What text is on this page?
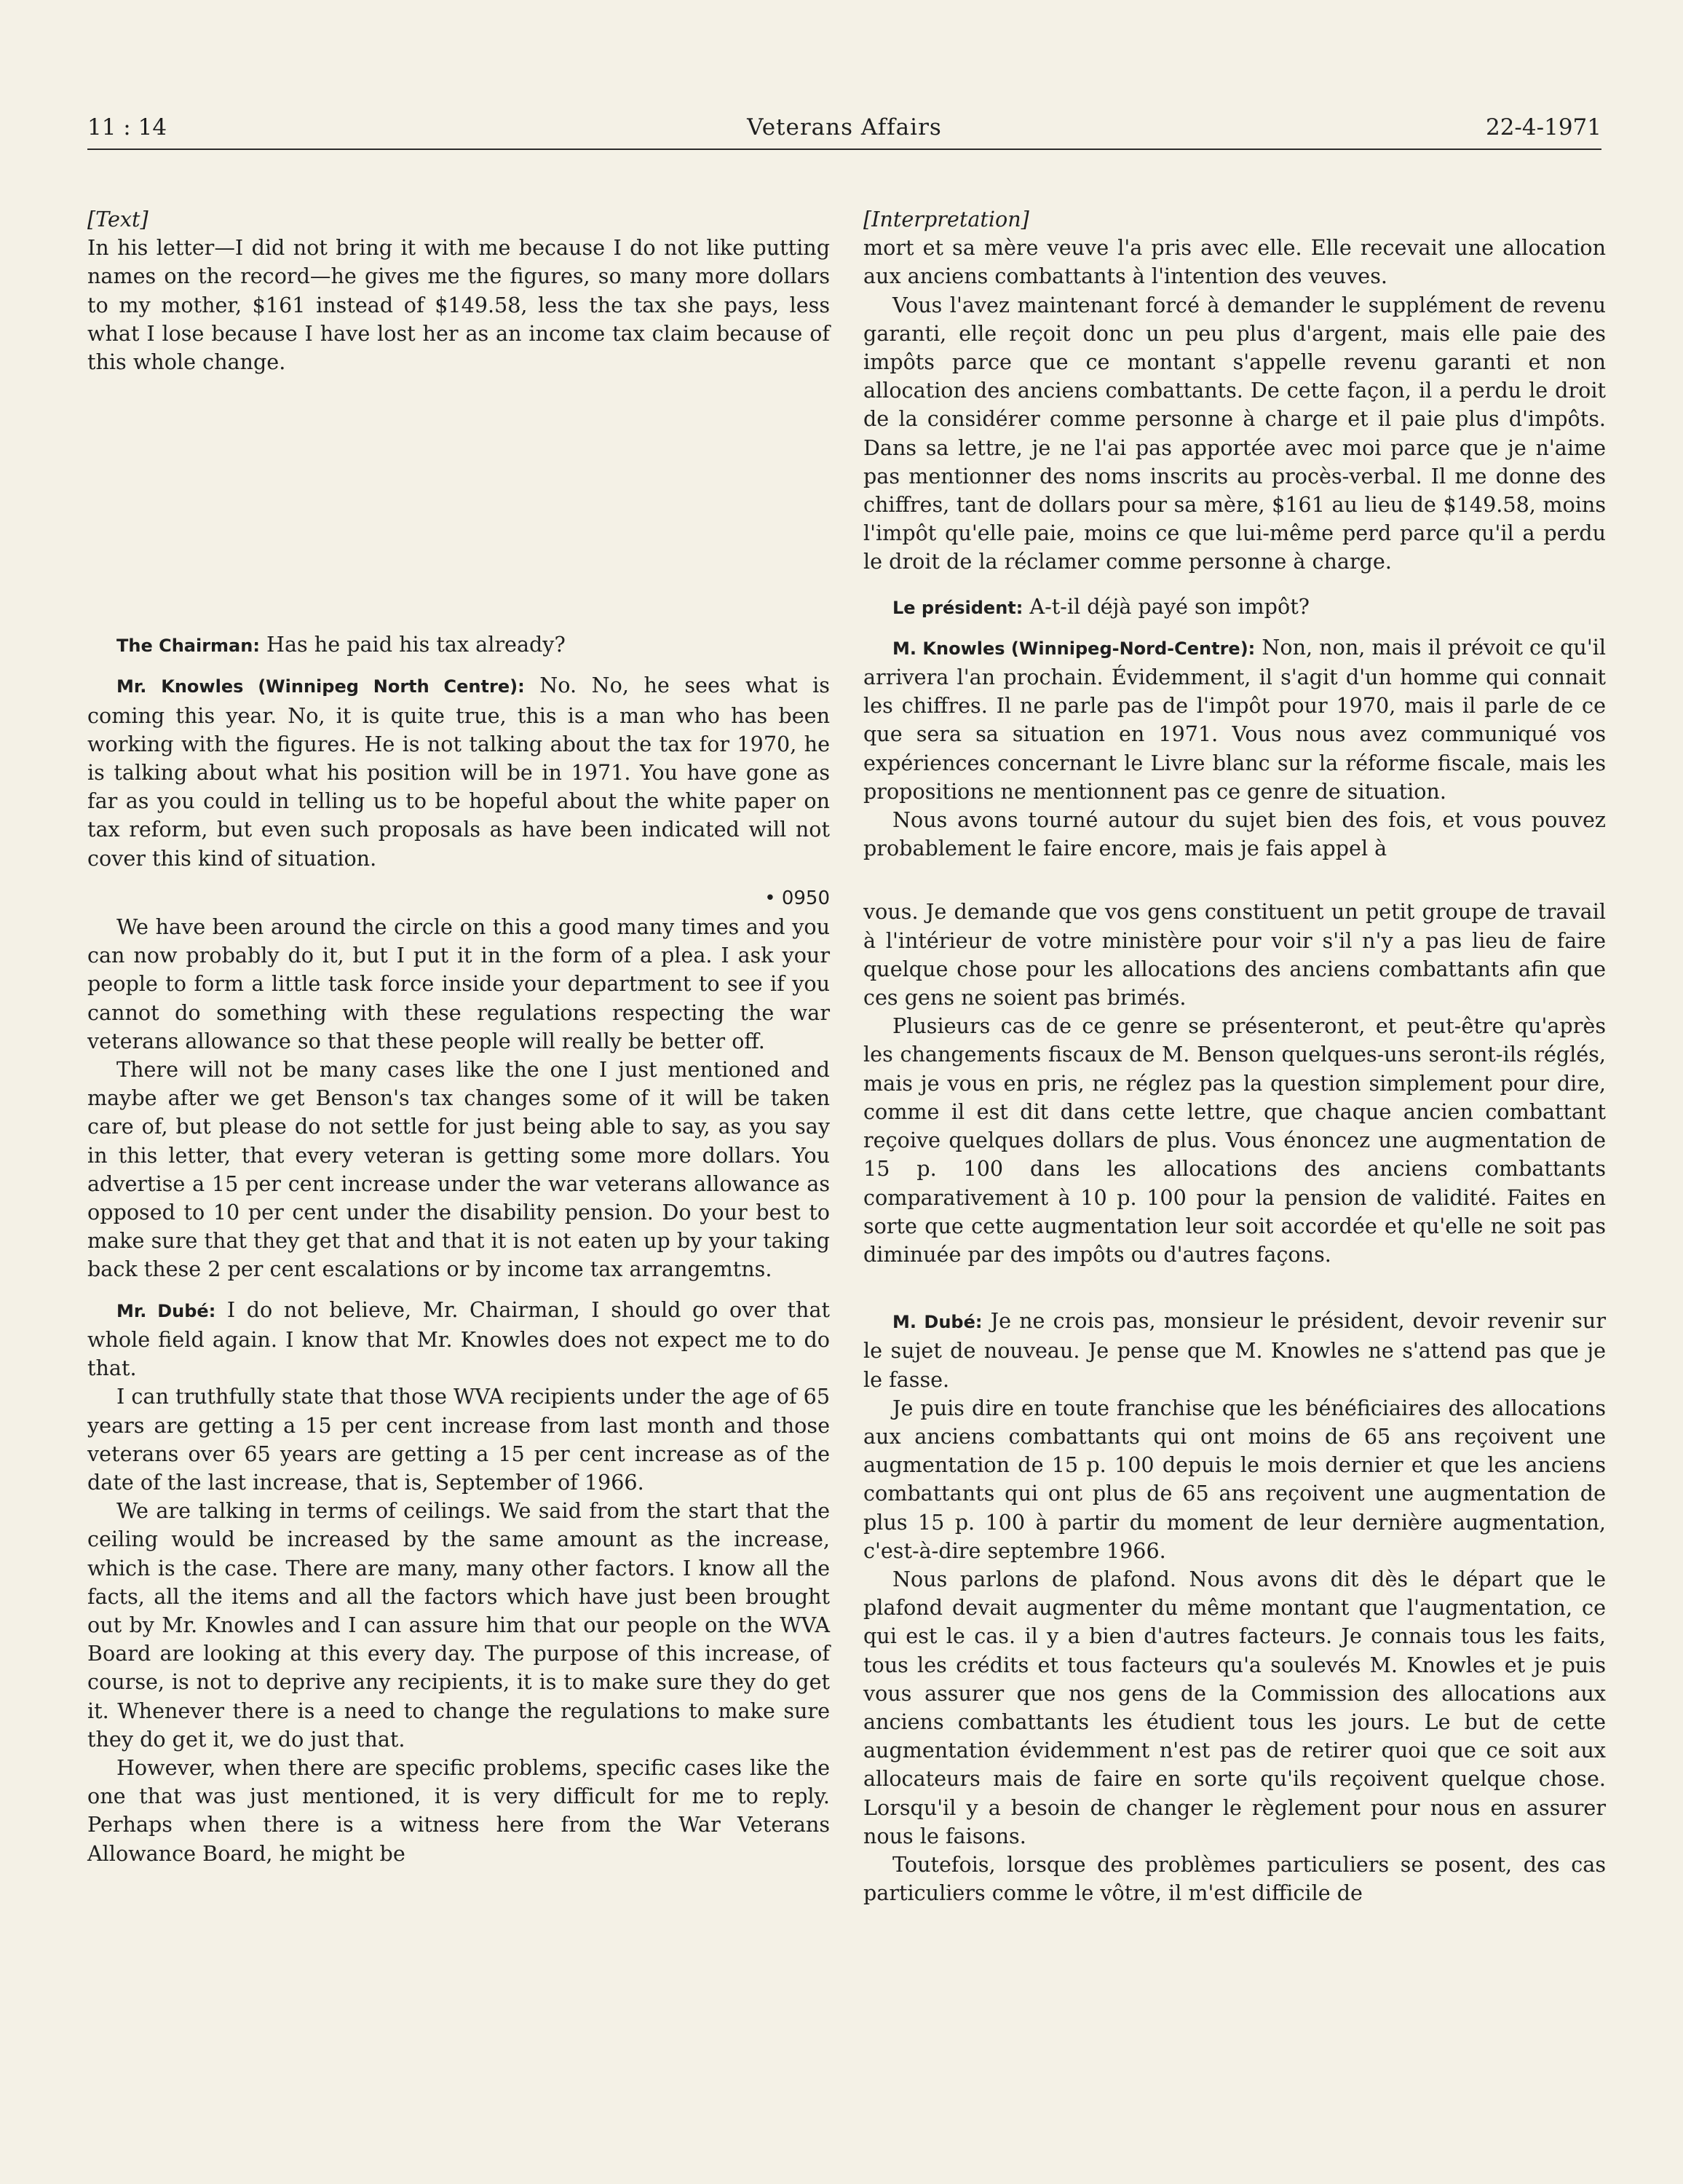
11 : 14	Veterans Affairs	22-4-1971

[Text]

In his letter—I did not bring it with me because I do not like putting names on the record—he gives me the figures, so many more dollars to my mother, $161 instead of $149.58, less the tax she pays, less what I lose because I have lost her as an income tax claim because of this whole change.

The Chairman: Has he paid his tax already?

Mr. Knowles (Winnipeg North Centre): No. No, he sees what is coming this year. No, it is quite true, this is a man who has been working with the figures. He is not talking about the tax for 1970, he is talking about what his position will be in 1971. You have gone as far as you could in telling us to be hopeful about the white paper on tax reform, but even such proposals as have been indicated will not cover this kind of situation.

• 0950

We have been around the circle on this a good many times and you can now probably do it, but I put it in the form of a plea. I ask your people to form a little task force inside your department to see if you cannot do something with these regulations respecting the war veterans allowance so that these people will really be better off.

There will not be many cases like the one I just mentioned and maybe after we get Benson's tax changes some of it will be taken care of, but please do not settle for just being able to say, as you say in this letter, that every veteran is getting some more dollars. You advertise a 15 per cent increase under the war veterans allowance as opposed to 10 per cent under the disability pension. Do your best to make sure that they get that and that it is not eaten up by your taking back these 2 per cent escalations or by income tax arrangemtns.

Mr. Dubé: I do not believe, Mr. Chairman, I should go over that whole field again. I know that Mr. Knowles does not expect me to do that.

I can truthfully state that those WVA recipients under the age of 65 years are getting a 15 per cent increase from last month and those veterans over 65 years are getting a 15 per cent increase as of the date of the last increase, that is, September of 1966.

We are talking in terms of ceilings. We said from the start that the ceiling would be increased by the same amount as the increase, which is the case. There are many, many other factors. I know all the facts, all the items and all the factors which have just been brought out by Mr. Knowles and I can assure him that our people on the WVA Board are looking at this every day. The purpose of this increase, of course, is not to deprive any recipients, it is to make sure they do get it. Whenever there is a need to change the regulations to make sure they do get it, we do just that.

However, when there are specific problems, specific cases like the one that was just mentioned, it is very difficult for me to reply. Perhaps when there is a witness here from the War Veterans Allowance Board, he might be

[Interpretation]

mort et sa mère veuve l'a pris avec elle. Elle recevait une allocation aux anciens combattants à l'intention des veuves.

Vous l'avez maintenant forcé à demander le supplément de revenu garanti, elle reçoit donc un peu plus d'argent, mais elle paie des impôts parce que ce montant s'appelle revenu garanti et non allocation des anciens combattants. De cette façon, il a perdu le droit de la considérer comme personne à charge et il paie plus d'impôts. Dans sa lettre, je ne l'ai pas apportée avec moi parce que je n'aime pas mentionner des noms inscrits au procès-verbal. Il me donne des chiffres, tant de dollars pour sa mère, $161 au lieu de $149.58, moins l'impôt qu'elle paie, moins ce que lui-même perd parce qu'il a perdu le droit de la réclamer comme personne à charge.

Le président: A-t-il déjà payé son impôt?

M. Knowles (Winnipeg-Nord-Centre): Non, non, mais il prévoit ce qu'il arrivera l'an prochain. Évidemment, il s'agit d'un homme qui connait les chiffres. Il ne parle pas de l'impôt pour 1970, mais il parle de ce que sera sa situation en 1971. Vous nous avez communiqué vos expériences concernant le Livre blanc sur la réforme fiscale, mais les propositions ne mentionnent pas ce genre de situation.

Nous avons tourné autour du sujet bien des fois, et vous pouvez probablement le faire encore, mais je fais appel à

vous. Je demande que vos gens constituent un petit groupe de travail à l'intérieur de votre ministère pour voir s'il n'y a pas lieu de faire quelque chose pour les allocations des anciens combattants afin que ces gens ne soient pas brimés.

Plusieurs cas de ce genre se présenteront, et peut-être qu'après les changements fiscaux de M. Benson quelques-uns seront-ils réglés, mais je vous en pris, ne réglez pas la question simplement pour dire, comme il est dit dans cette lettre, que chaque ancien combattant reçoive quelques dollars de plus. Vous énoncez une augmentation de 15 p. 100 dans les allocations des anciens combattants comparativement à 10 p. 100 pour la pension de validité. Faites en sorte que cette augmentation leur soit accordée et qu'elle ne soit pas diminuée par des impôts ou d'autres façons.

M. Dubé: Je ne crois pas, monsieur le président, devoir revenir sur le sujet de nouveau. Je pense que M. Knowles ne s'attend pas que je le fasse.

Je puis dire en toute franchise que les bénéficiaires des allocations aux anciens combattants qui ont moins de 65 ans reçoivent une augmentation de 15 p. 100 depuis le mois dernier et que les anciens combattants qui ont plus de 65 ans reçoivent une augmentation de plus 15 p. 100 à partir du moment de leur dernière augmentation, c'est-à-dire septembre 1966.

Nous parlons de plafond. Nous avons dit dès le départ que le plafond devait augmenter du même montant que l'augmentation, ce qui est le cas. il y a bien d'autres facteurs. Je connais tous les faits, tous les crédits et tous facteurs qu'a soulevés M. Knowles et je puis vous assurer que nos gens de la Commission des allocations aux anciens combattants les étudient tous les jours. Le but de cette augmentation évidemment n'est pas de retirer quoi que ce soit aux allocateurs mais de faire en sorte qu'ils reçoivent quelque chose. Lorsqu'il y a besoin de changer le règlement pour nous en assurer nous le faisons.

Toutefois, lorsque des problèmes particuliers se posent, des cas particuliers comme le vôtre, il m'est difficile de
